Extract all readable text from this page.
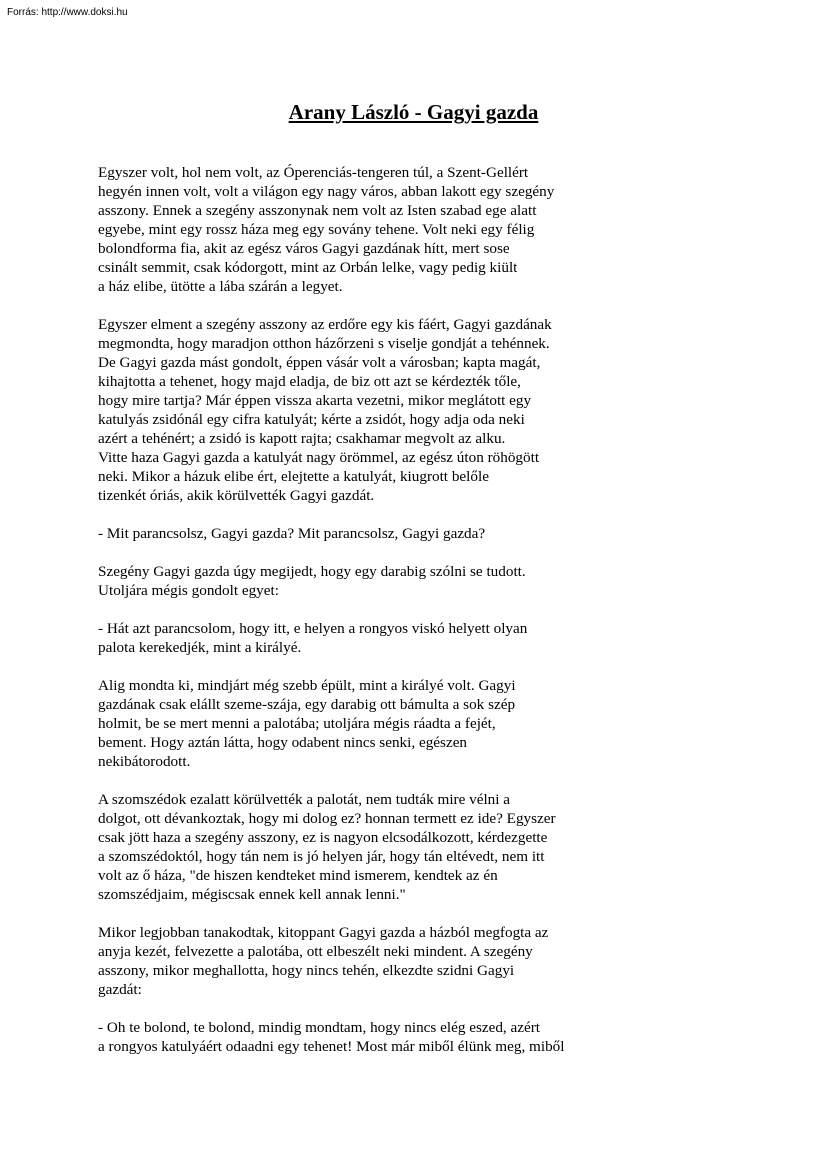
Forrás: http://www.doksi.hu
Arany László - Gagyi gazda
Egyszer volt, hol nem volt, az Óperenciás-tengeren túl, a Szent-Gellért
hegyén innen volt, volt a világon egy nagy város, abban lakott egy szegény
asszony. Ennek a szegény asszonynak nem volt az Isten szabad ege alatt
egyebe, mint egy rossz háza meg egy sovány tehene. Volt neki egy félig
bolondforma fia, akit az egész város Gagyi gazdának hítt, mert sose
csinált semmit, csak kódorgott, mint az Orbán lelke, vagy pedig kiült
a ház elibe, ütötte a lába szárán a legyet.
Egyszer elment a szegény asszony az erdőre egy kis fáért, Gagyi gazdának
megmondta, hogy maradjon otthon házőrzeni s viselje gondját a tehénnek.
De Gagyi gazda mást gondolt, éppen vásár volt a városban; kapta magát,
kihajtotta a tehenet, hogy majd eladja, de biz ott azt se kérdezték tőle,
hogy mire tartja? Már éppen vissza akarta vezetni, mikor meglátott egy
katulyás zsidónál egy cifra katulyát; kérte a zsidót, hogy adja oda neki
azért a tehénért; a zsidó is kapott rajta; csakhamar megvolt az alku.
Vitte haza Gagyi gazda a katulyát nagy örömmel, az egész úton röhögött
neki. Mikor a házuk elibe ért, elejtette a katulyát, kiugrott belőle
tizenkét óriás, akik körülvették Gagyi gazdát.
- Mit parancsolsz, Gagyi gazda? Mit parancsolsz, Gagyi gazda?
Szegény Gagyi gazda úgy megijedt, hogy egy darabig szólni se tudott.
Utoljára mégis gondolt egyet:
- Hát azt parancsolom, hogy itt, e helyen a rongyos viskó helyett olyan
palota kerekedjék, mint a királyé.
Alig mondta ki, mindjárt még szebb épült, mint a királyé volt. Gagyi
gazdának csak elállt szeme-szája, egy darabig ott bámulta a sok szép
holmit, be se mert menni a palotába; utoljára mégis ráadta a fejét,
bement. Hogy aztán látta, hogy odabent nincs senki, egészen
nekibátorodott.
A szomszédok ezalatt körülvették a palotát, nem tudták mire vélni a
dolgot, ott dévankoztak, hogy mi dolog ez? honnan termett ez ide? Egyszer
csak jött haza a szegény asszony, ez is nagyon elcsodálkozott, kérdezgette
a szomszédoktól, hogy tán nem is jó helyen jár, hogy tán eltévedt, nem itt
volt az ő háza, "de hiszen kendteket mind ismerem, kendtek az én
szomszédjaim, mégiscsak ennek kell annak lenni."
Mikor legjobban tanakodtak, kitoppant Gagyi gazda a házból megfogta az
anyja kezét, felvezette a palotába, ott elbeszélt neki mindent. A szegény
asszony, mikor meghallotta, hogy nincs tehén, elkezdte szidni Gagyi
gazdát:
- Oh te bolond, te bolond, mindig mondtam, hogy nincs elég eszed, azért
a rongyos katulyáért odaadni egy tehenet! Most már miből élünk meg, miből
